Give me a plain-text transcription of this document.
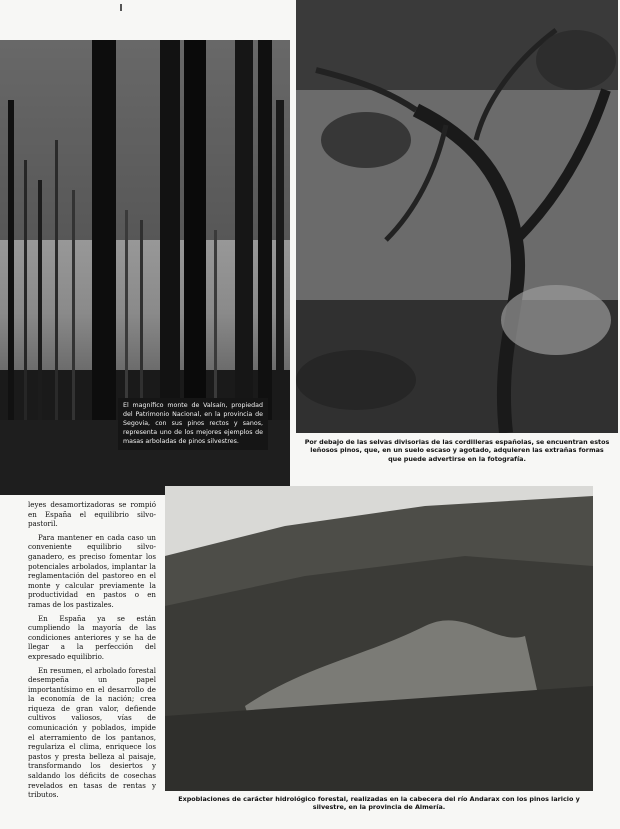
El magnífico monte de Valsaín, propiedad del Patrimonio Nacional, en la provincia de Segovia, con sus pinos rectos y sanos, representa uno de los mejores ejemplos de masas arboladas de pinos silvestres.	Por debajo de las selvas divisorias de las cordilleras españolas, se encuentran estos leñosos pinos, que, en un suelo escaso y agotado, adquieren las extrañas formas que puede advertirse en la fotografía.
Expoblaciones de carácter hidrológico forestal, realizadas en la cabecera del río Andarax con los pinos laricio y silvestre, en la provincia de Almería.

leyes desamortizadoras se rompió en España el equilibrio silvo-pastoril.

Para mantener en cada caso un conveniente equilibrio silvo-ganadero, es preciso fomentar los potenciales arbolados, implantar la reglamentación del pastoreo en el monte y calcular previamente la productividad en pastos o en ramas de los pastizales.

En España ya se están cumpliendo la mayoría de las condiciones anteriores y se ha de llegar a la perfección del expresado equilibrio.

En resumen, el arbolado forestal desempeña un papel importantísimo en el desarrollo de la economía de la nación; crea riqueza de gran valor, defiende cultivos valiosos, vías de comunicación y poblados, impide el aterramiento de los pantanos, regulariza el clima, enriquece los pastos y presta belleza al paisaje, transformando los desiertos y saldando los déficits de cosechas revelados en tasas de rentas y tributos.
